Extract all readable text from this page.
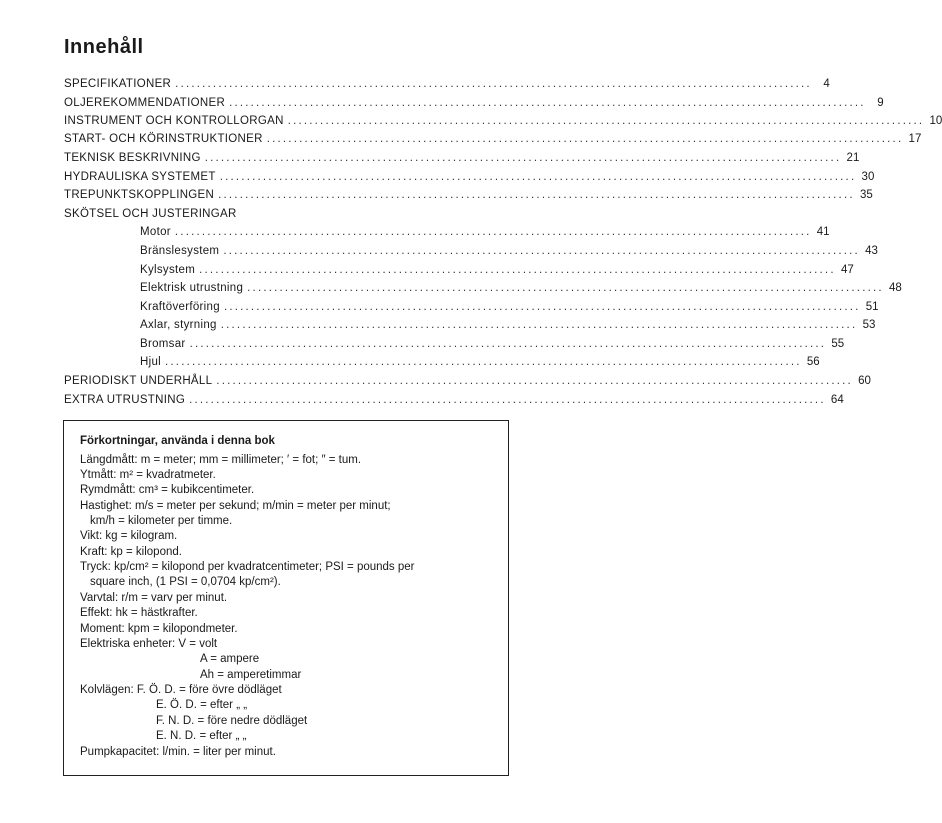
Innehåll
SPECIFIKATIONER ......................................................................................................................	4
OLJEREKOMMENDATIONER ......................................................................................................................	9
INSTRUMENT OCH KONTROLLORGAN ...................................................................................................................... 10
START- OCH KÖRINSTRUKTIONER ...................................................................................................................... 17
TEKNISK BESKRIVNING ...................................................................................................................... 21
HYDRAULISKA SYSTEMET ...................................................................................................................... 30
TREPUNKTSKOPPLINGEN ...................................................................................................................... 35
SKÖTSEL OCH JUSTERINGAR
Motor ...................................................................................................................... 41
Bränslesystem ...................................................................................................................... 43
Kylsystem ...................................................................................................................... 47
Elektrisk utrustning ...................................................................................................................... 48
Kraftöverföring ...................................................................................................................... 51
Axlar, styrning ...................................................................................................................... 53
Bromsar ...................................................................................................................... 55
Hjul ...................................................................................................................... 56
PERIODISKT UNDERHÅLL ...................................................................................................................... 60
EXTRA UTRUSTNING ...................................................................................................................... 64
Förkortningar, använda i denna bok
Längdmått: m = meter; mm = millimeter; ′ = fot; ″ = tum.
Ytmått: m² = kvadratmeter.
Rymdmått: cm³ = kubikcentimeter.
Hastighet: m/s = meter per sekund; m/min = meter per minut;
km/h = kilometer per timme.
Vikt: kg = kilogram.
Kraft: kp = kilopond.
Tryck: kp/cm² = kilopond per kvadratcentimeter; PSI = pounds per
square inch, (1 PSI = 0,0704 kp/cm²).
Varvtal: r/m = varv per minut.
Effekt: hk = hästkrafter.
Moment: kpm = kilopondmeter.
Elektriska enheter: V = volt
A = ampere
Ah = amperetimmar
Kolvlägen: F. Ö. D. = före övre dödläget
E. Ö. D. = efter „ „
F. N. D. = före nedre dödläget
E. N. D. = efter „ „
Pumpkapacitet: l/min. = liter per minut.
